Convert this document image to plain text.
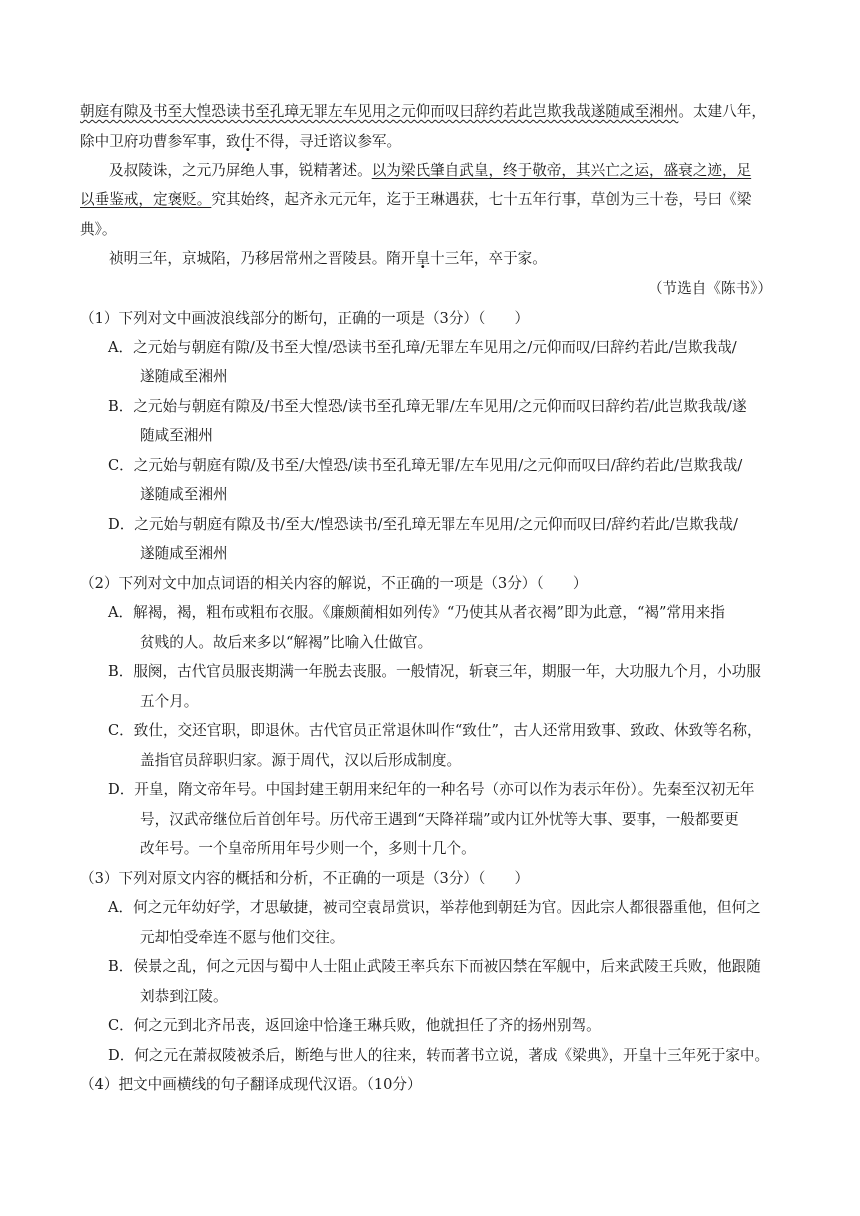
朝庭有隙及书至大惶恐读书至孔璋无罪左车见用之元仰而叹曰辞约若此岂欺我哉遂随咸至湘州。太建八年，
除中卫府功曹参军事，致仕不得，寻迁谘议参军。
及叔陵诛，之元乃屏绝人事，锐精著述。以为梁氏肇自武皇，终于敬帝，其兴亡之运，盛衰之迹，足
以垂鉴戒，定褒贬。究其始终，起齐永元元年，迄于王琳遇获，七十五年行事，草创为三十卷，号曰《梁
典》。
祯明三年，京城陷，乃移居常州之晋陵县。隋开皇十三年，卒于家。
（节选自《陈书》）
（1）下列对文中画波浪线部分的断句，正确的一项是（3分）（　　）
A．之元始与朝庭有隙/及书至大惶/恐读书至孔璋/无罪左车见用之/元仰而叹/曰辞约若此/岂欺我哉/
遂随咸至湘州
B．之元始与朝庭有隙及/书至大惶恐/读书至孔璋无罪/左车见用/之元仰而叹曰辞约若/此岂欺我哉/遂
随咸至湘州
C．之元始与朝庭有隙/及书至/大惶恐/读书至孔璋无罪/左车见用/之元仰而叹曰/辞约若此/岂欺我哉/
遂随咸至湘州
D．之元始与朝庭有隙及书/至大/惶恐读书/至孔璋无罪左车见用/之元仰而叹曰/辞约若此/岂欺我哉/
遂随咸至湘州
（2）下列对文中加点词语的相关内容的解说，不正确的一项是（3分）（　　）
A．解褐，褐，粗布或粗布衣服。《廉颇蔺相如列传》“乃使其从者衣褐”即为此意，“褐”常用来指
贫贱的人。故后来多以“解褐”比喻入仕做官。
B．服阕，古代官员服丧期满一年脱去丧服。一般情况，斩衰三年，期服一年，大功服九个月，小功服
五个月。
C．致仕，交还官职，即退休。古代官员正常退休叫作“致仕”，古人还常用致事、致政、休致等名称，
盖指官员辞职归家。源于周代，汉以后形成制度。
D．开皇，隋文帝年号。中国封建王朝用来纪年的一种名号（亦可以作为表示年份）。先秦至汉初无年
号，汉武帝继位后首创年号。历代帝王遇到“天降祥瑞”或内讧外忧等大事、要事，一般都要更
改年号。一个皇帝所用年号少则一个，多则十几个。
（3）下列对原文内容的概括和分析，不正确的一项是（3分）（　　）
A．何之元年幼好学，才思敏捷，被司空袁昂赏识，举荐他到朝廷为官。因此宗人都很器重他，但何之
元却怕受牵连不愿与他们交往。
B．侯景之乱，何之元因与蜀中人士阻止武陵王率兵东下而被囚禁在军舰中，后来武陵王兵败，他跟随
刘恭到江陵。
C．何之元到北齐吊丧，返回途中恰逢王琳兵败，他就担任了齐的扬州别驾。
D．何之元在萧叔陵被杀后，断绝与世人的往来，转而著书立说，著成《梁典》，开皇十三年死于家中。
（4）把文中画横线的句子翻译成现代汉语。（10分）
